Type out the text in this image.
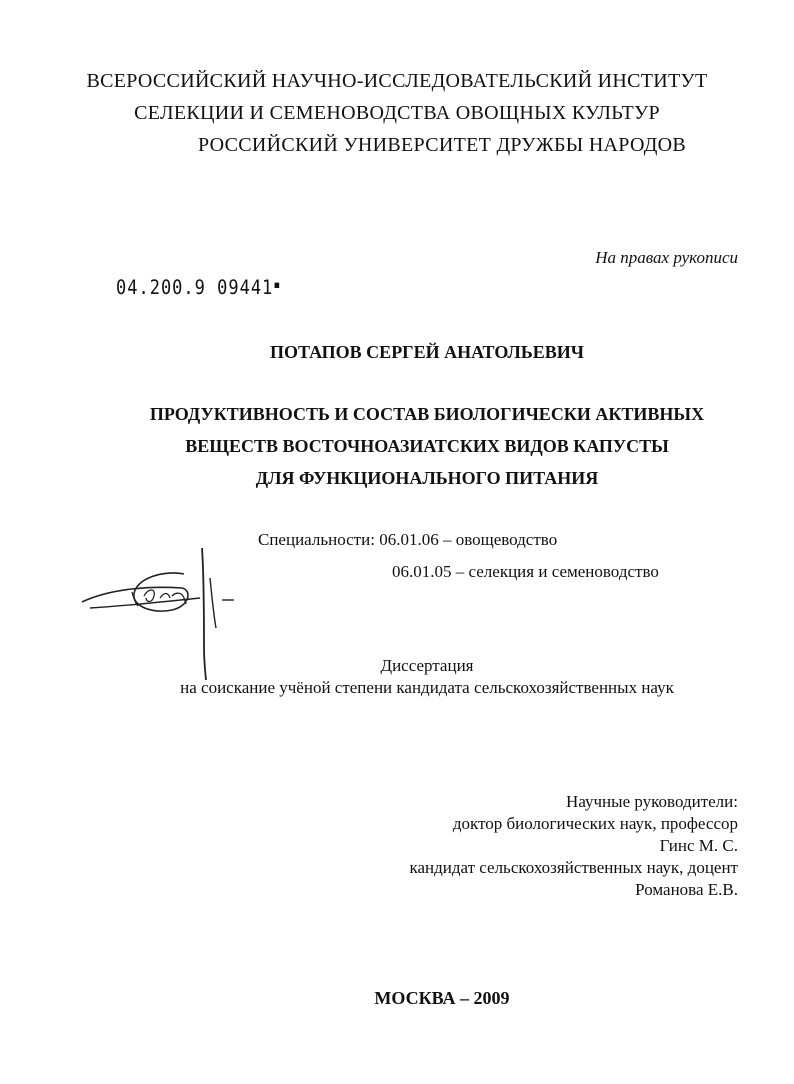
ВСЕРОССИЙСКИЙ НАУЧНО-ИССЛЕДОВАТЕЛЬСКИЙ ИНСТИТУТ
СЕЛЕКЦИИ И СЕМЕНОВОДСТВА ОВОЩНЫХ КУЛЬТУР
РОССИЙСКИЙ УНИВЕРСИТЕТ ДРУЖБЫ НАРОДОВ
На правах рукописи
04.200.9 09441▪
ПОТАПОВ СЕРГЕЙ АНАТОЛЬЕВИЧ
ПРОДУКТИВНОСТЬ И СОСТАВ БИОЛОГИЧЕСКИ АКТИВНЫХ
ВЕЩЕСТВ ВОСТОЧНОАЗИАТСКИХ ВИДОВ КАПУСТЫ
ДЛЯ ФУНКЦИОНАЛЬНОГО ПИТАНИЯ
Специальности: 06.01.06 – овощеводство
06.01.05 – селекция и семеноводство
Диссертация
на соискание учёной степени кандидата сельскохозяйственных наук
Научные руководители:
доктор биологических наук, профессор
Гинс М. С.
кандидат сельскохозяйственных наук, доцент
Романова Е.В.
МОСКВА – 2009
